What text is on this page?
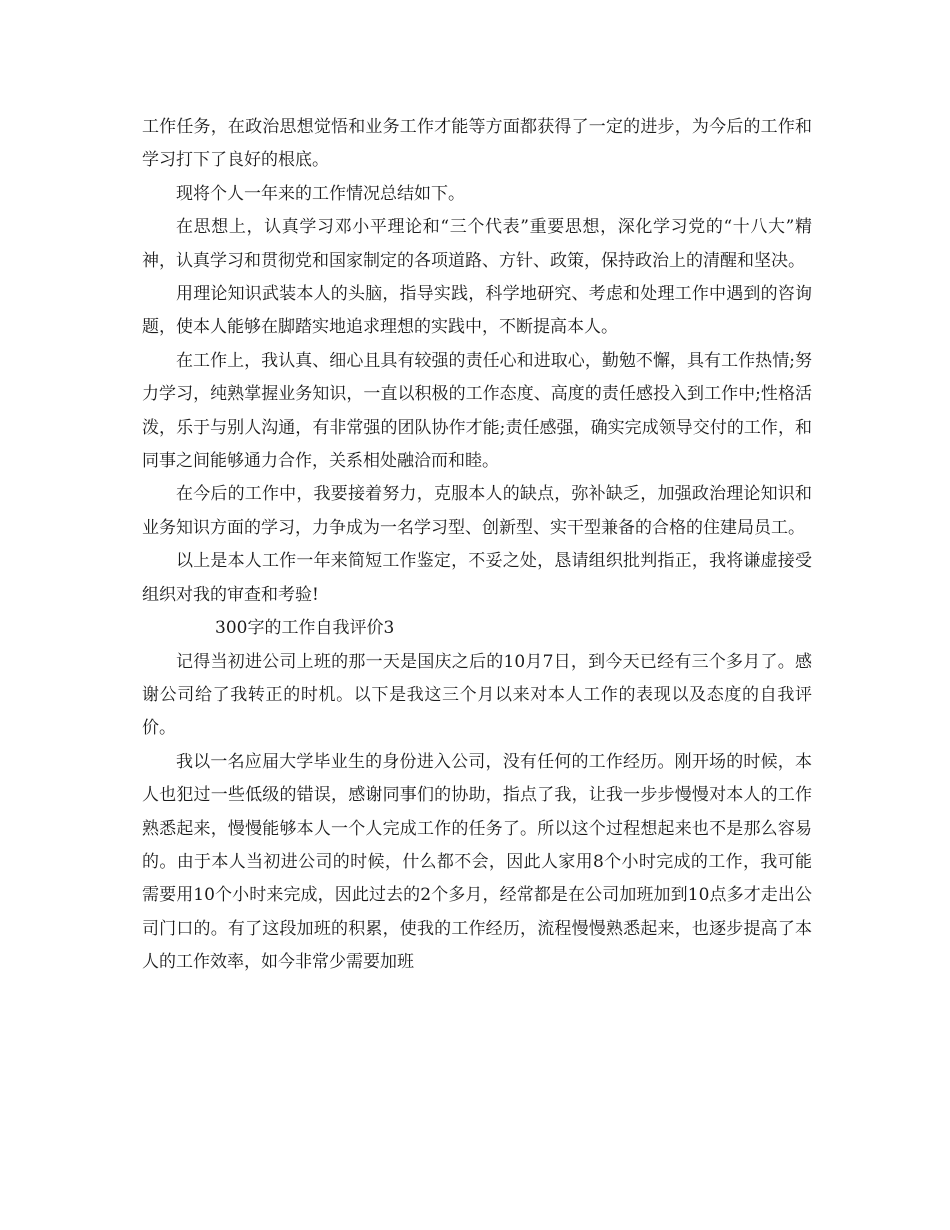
工作任务，在政治思想觉悟和业务工作才能等方面都获得了一定的进步，为今后的工作和学习打下了良好的根底。

现将个人一年来的工作情况总结如下。

在思想上，认真学习邓小平理论和“三个代表”重要思想，深化学习党的“十八大”精神，认真学习和贯彻党和国家制定的各项道路、方针、政策，保持政治上的清醒和坚决。

用理论知识武装本人的头脑，指导实践，科学地研究、考虑和处理工作中遇到的咨询题，使本人能够在脚踏实地追求理想的实践中，不断提高本人。

在工作上，我认真、细心且具有较强的责任心和进取心，勤勉不懈，具有工作热情;努力学习，纯熟掌握业务知识，一直以积极的工作态度、高度的责任感投入到工作中;性格活泼，乐于与别人沟通，有非常强的团队协作才能;责任感强，确实完成领导交付的工作，和同事之间能够通力合作，关系相处融洽而和睦。

在今后的工作中，我要接着努力，克服本人的缺点，弥补缺乏，加强政治理论知识和业务知识方面的学习，力争成为一名学习型、创新型、实干型兼备的合格的住建局员工。

以上是本人工作一年来简短工作鉴定，不妥之处，恳请组织批判指正，我将谦虚接受组织对我的审查和考验!

300字的工作自我评价3

记得当初进公司上班的那一天是国庆之后的10月7日，到今天已经有三个多月了。感谢公司给了我转正的时机。以下是我这三个月以来对本人工作的表现以及态度的自我评价。

我以一名应届大学毕业生的身份进入公司，没有任何的工作经历。刚开场的时候，本人也犯过一些低级的错误，感谢同事们的协助，指点了我，让我一步步慢慢对本人的工作熟悉起来，慢慢能够本人一个人完成工作的任务了。所以这个过程想起来也不是那么容易的。由于本人当初进公司的时候，什么都不会，因此人家用8个小时完成的工作，我可能需要用10个小时来完成，因此过去的2个多月，经常都是在公司加班加到10点多才走出公司门口的。有了这段加班的积累，使我的工作经历，流程慢慢熟悉起来，也逐步提高了本人的工作效率，如今非常少需要加班
